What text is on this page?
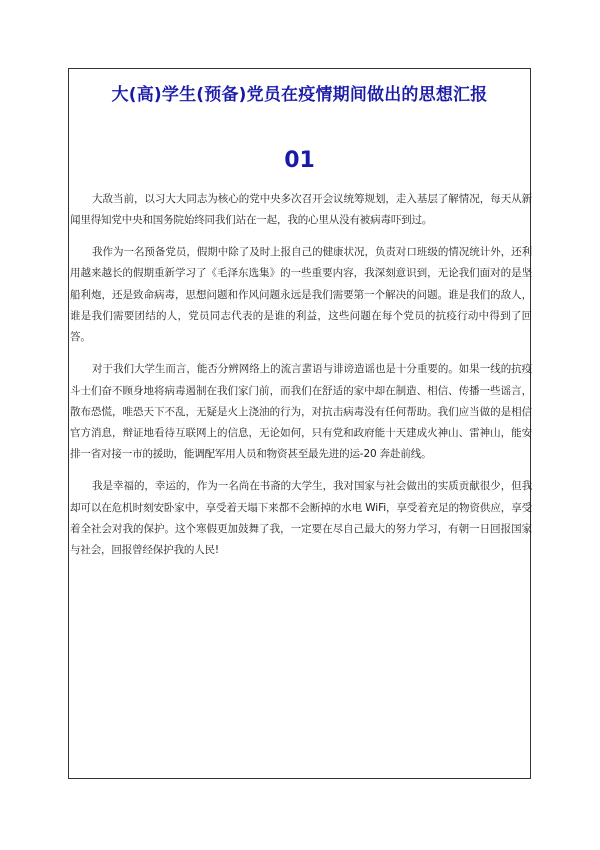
大(高)学生(预备)党员在疫情期间做出的思想汇报
01

大敌当前，以习大大同志为核心的党中央多次召开会议统筹规划，走入基层了解情况，每天从新闻里得知党中央和国务院始终同我们站在一起，我的心里从没有被病毒吓到过。

我作为一名预备党员，假期中除了及时上报自己的健康状况，负责对口班级的情况统计外，还利用越来越长的假期重新学习了《毛泽东选集》的一些重要内容，我深刻意识到，无论我们面对的是坚船利炮，还是致命病毒，思想问题和作风问题永远是我们需要第一个解决的问题。谁是我们的敌人，谁是我们需要团结的人，党员同志代表的是谁的利益，这些问题在每个党员的抗疫行动中得到了回答。

对于我们大学生而言，能否分辨网络上的流言蜚语与诽谤造谣也是十分重要的。如果一线的抗疫斗士们奋不顾身地将病毒遏制在我们家门前，而我们在舒适的家中却在制造、相信、传播一些谣言，散布恐慌，唯恐天下不乱，无疑是火上浇油的行为，对抗击病毒没有任何帮助。我们应当做的是相信官方消息，辩证地看待互联网上的信息，无论如何，只有党和政府能十天建成火神山、雷神山，能安排一省对接一市的援助，能调配军用人员和物资甚至最先进的运-20 奔赴前线。

我是幸福的，幸运的，作为一名尚在书斋的大学生，我对国家与社会做出的实质贡献很少，但我却可以在危机时刻安卧家中，享受着天塌下来都不会断掉的水电 WiFi，享受着充足的物资供应，享受着全社会对我的保护。这个寒假更加鼓舞了我，一定要在尽自己最大的努力学习，有朝一日回报国家与社会，回报曾经保护我的人民!
